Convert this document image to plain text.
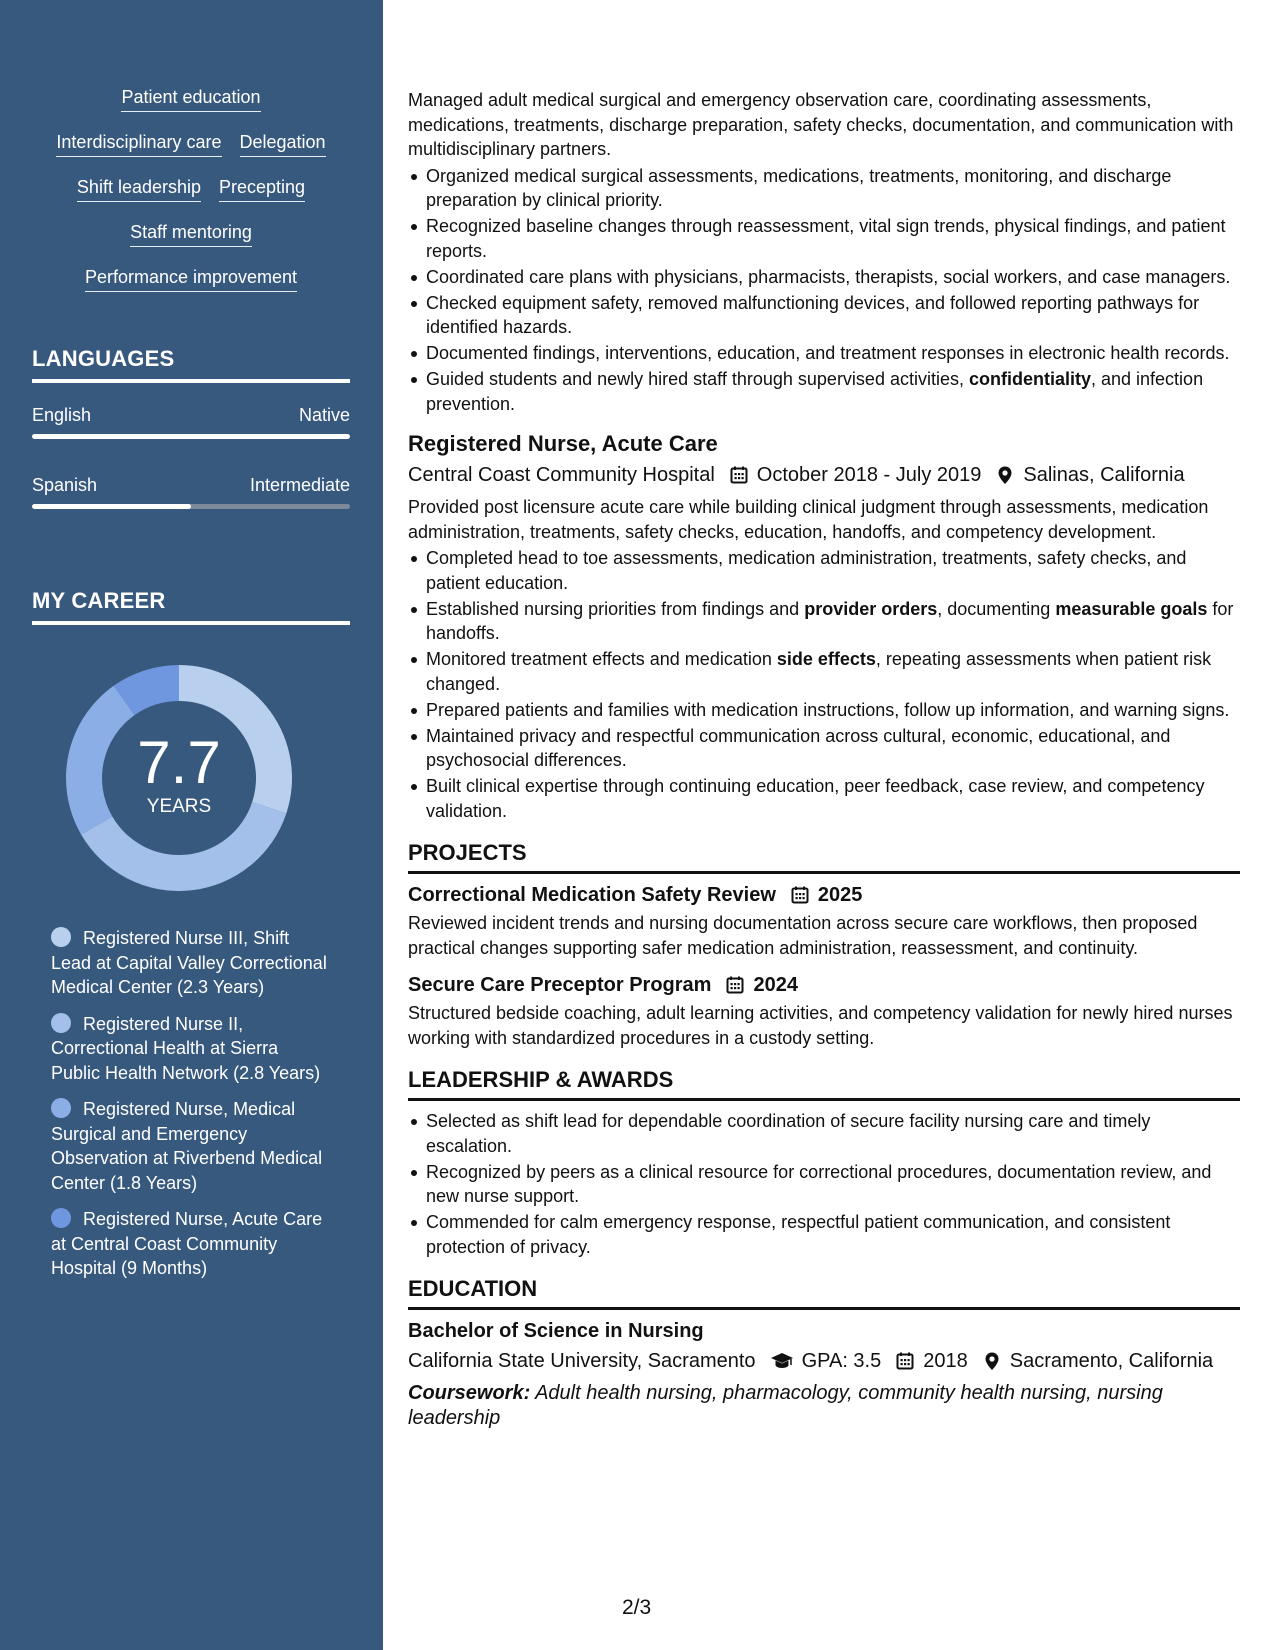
Patient education
Interdisciplinary care Delegation
Shift leadership Precepting
Staff mentoring
Performance improvement
LANGUAGES
English	Native
Spanish	Intermediate
MY CAREER
7.7
YEARS
Registered Nurse III, Shift Lead at Capital Valley Correctional Medical Center (2.3 Years)
Registered Nurse II, Correctional Health at Sierra Public Health Network (2.8 Years)
Registered Nurse, Medical Surgical and Emergency Observation at Riverbend Medical Center (1.8 Years)
Registered Nurse, Acute Care at Central Coast Community Hospital (9 Months)
Managed adult medical surgical and emergency observation care, coordinating assessments, medications, treatments, discharge preparation, safety checks, documentation, and communication with multidisciplinary partners.
Organized medical surgical assessments, medications, treatments, monitoring, and discharge preparation by clinical priority.
Recognized baseline changes through reassessment, vital sign trends, physical findings, and patient reports.
Coordinated care plans with physicians, pharmacists, therapists, social workers, and case managers.
Checked equipment safety, removed malfunctioning devices, and followed reporting pathways for identified hazards.
Documented findings, interventions, education, and treatment responses in electronic health records.
Guided students and newly hired staff through supervised activities, confidentiality, and infection prevention.
Registered Nurse, Acute Care
Central Coast Community Hospital October 2018 - July 2019 Salinas, California
Provided post licensure acute care while building clinical judgment through assessments, medication administration, treatments, safety checks, education, handoffs, and competency development.
Completed head to toe assessments, medication administration, treatments, safety checks, and patient education.
Established nursing priorities from findings and provider orders, documenting measurable goals for handoffs.
Monitored treatment effects and medication side effects, repeating assessments when patient risk changed.
Prepared patients and families with medication instructions, follow up information, and warning signs.
Maintained privacy and respectful communication across cultural, economic, educational, and psychosocial differences.
Built clinical expertise through continuing education, peer feedback, case review, and competency validation.
PROJECTS
Correctional Medication Safety Review 2025
Reviewed incident trends and nursing documentation across secure care workflows, then proposed practical changes supporting safer medication administration, reassessment, and continuity.
Secure Care Preceptor Program 2024
Structured bedside coaching, adult learning activities, and competency validation for newly hired nurses working with standardized procedures in a custody setting.
LEADERSHIP & AWARDS
Selected as shift lead for dependable coordination of secure facility nursing care and timely escalation.
Recognized by peers as a clinical resource for correctional procedures, documentation review, and new nurse support.
Commended for calm emergency response, respectful patient communication, and consistent protection of privacy.
EDUCATION
Bachelor of Science in Nursing
California State University, Sacramento GPA: 3.5 2018 Sacramento, California
Coursework: Adult health nursing, pharmacology, community health nursing, nursing leadership
2/3
